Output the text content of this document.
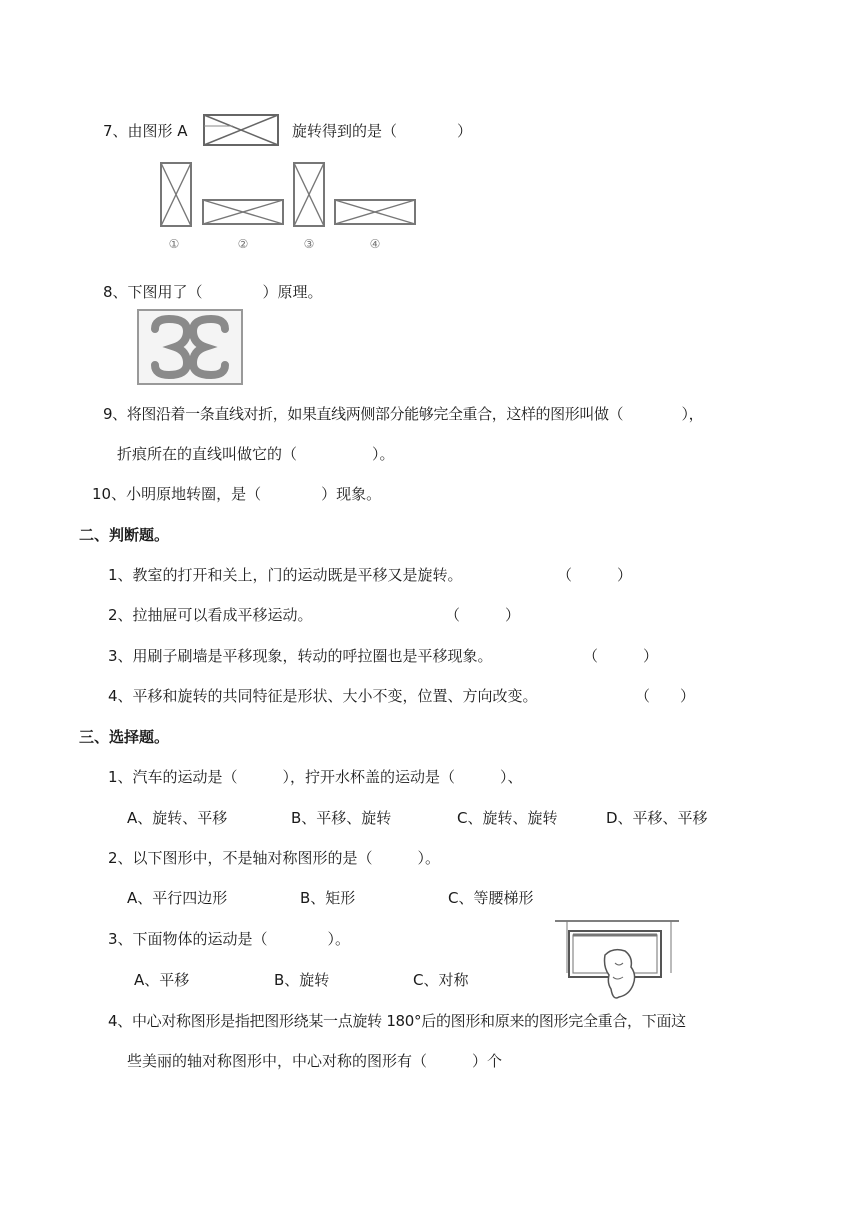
7、由图形 A	旋转得到的是（　　　　）
①	②	③	④
8、下图用了（　　　　）原理。
9、将图沿着一条直线对折，如果直线两侧部分能够完全重合，这样的图形叫做（　　　　），
折痕所在的直线叫做它的（　　　　　）。
10、小明原地转圈，是（　　　　）现象。
二、判断题。
1、教室的打开和关上，门的运动既是平移又是旋转。	（　　　）
2、拉抽屉可以看成平移运动。	（　　　）
3、用刷子刷墙是平移现象，转动的呼拉圈也是平移现象。	（　　　）
4、平移和旋转的共同特征是形状、大小不变，位置、方向改变。	（　　）
三、选择题。
1、汽车的运动是（　　　），拧开水杯盖的运动是（　　　）、
A、旋转、平移	B、平移、旋转	C、旋转、旋转	D、平移、平移
2、以下图形中，不是轴对称图形的是（　　　）。
A、平行四边形	B、矩形	C、等腰梯形
3、下面物体的运动是（　　　　）。
A、平移	B、旋转	C、对称
4、中心对称图形是指把图形绕某一点旋转 180°后的图形和原来的图形完全重合，下面这
些美丽的轴对称图形中，中心对称的图形有（　　　）个
